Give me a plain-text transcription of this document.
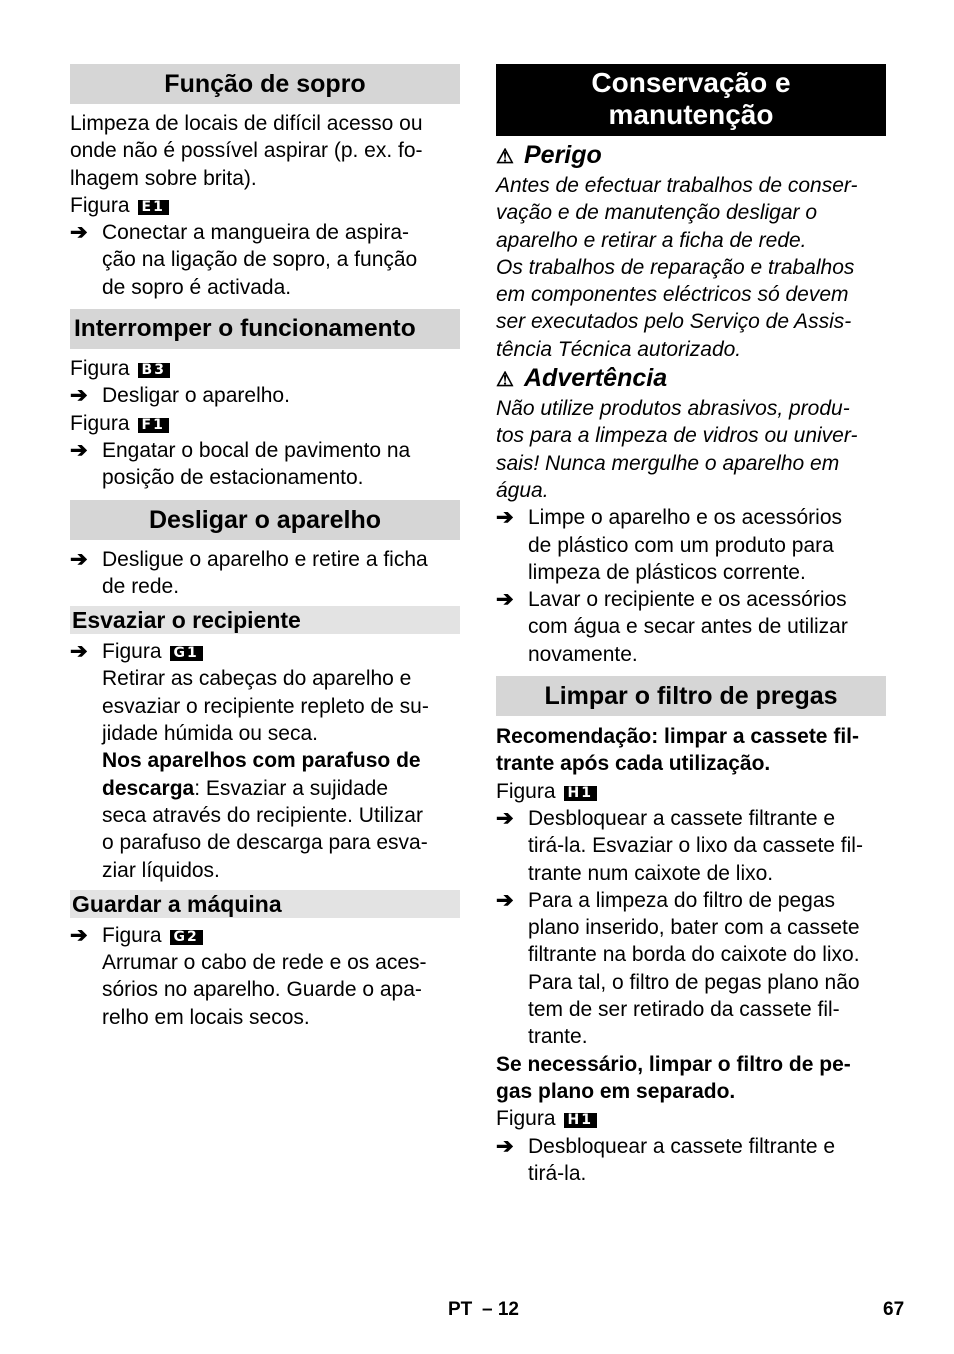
Função de sopro

Limpeza de locais de difícil acesso ou

onde não é possível aspirar (p. ex. fo-

lhagem sobre brita).

Figura E1

➔ Conectar a mangueira de aspira-

ção na ligação de sopro, a função

de sopro é activada.

Interromper o funcionamento

Figura B3

➔ Desligar o aparelho.

Figura F1

➔ Engatar o bocal de pavimento na

posição de estacionamento.

Desligar o aparelho
➔ Desligue o aparelho e retire a ficha

de rede.

Esvaziar o recipiente
➔ Figura G1

Retirar as cabeças do aparelho e

esvaziar o recipiente repleto de su-

jidade húmida ou seca.

Nos aparelhos com parafuso de

descarga: Esvaziar a sujidade

seca através do recipiente. Utilizar

o parafuso de descarga para esva-

ziar líquidos.

Guardar a máquina
➔ Figura G2

Arrumar o cabo de rede e os aces-

sórios no aparelho. Guarde o apa-

relho em locais secos.

Conservação e
manutenção

⚠ Perigo

Antes de efectuar trabalhos de conser-

vação e de manutenção desligar o

aparelho e retirar a ficha de rede.

Os trabalhos de reparação e trabalhos

em componentes eléctricos só devem

ser executados pelo Serviço de Assis-

tência Técnica autorizado.

⚠ Advertência

Não utilize produtos abrasivos, produ-

tos para a limpeza de vidros ou univer-

sais! Nunca mergulhe o aparelho em

água.

➔ Limpe o aparelho e os acessórios

de plástico com um produto para

limpeza de plásticos corrente.

➔ Lavar o recipiente e os acessórios

com água e secar antes de utilizar

novamente.

Limpar o filtro de pregas

Recomendação: limpar a cassete fil-

trante após cada utilização.

Figura H1

➔ Desbloquear a cassete filtrante e

tirá-la. Esvaziar o lixo da cassete fil-

trante num caixote de lixo.

➔ Para a limpeza do filtro de pegas

plano inserido, bater com a cassete

filtrante na borda do caixote do lixo.

Para tal, o filtro de pegas plano não

tem de ser retirado da cassete fil-

trante.

Se necessário, limpar o filtro de pe-

gas plano em separado.

Figura H1

➔ Desbloquear a cassete filtrante e

tirá-la.

PT – 12	67
